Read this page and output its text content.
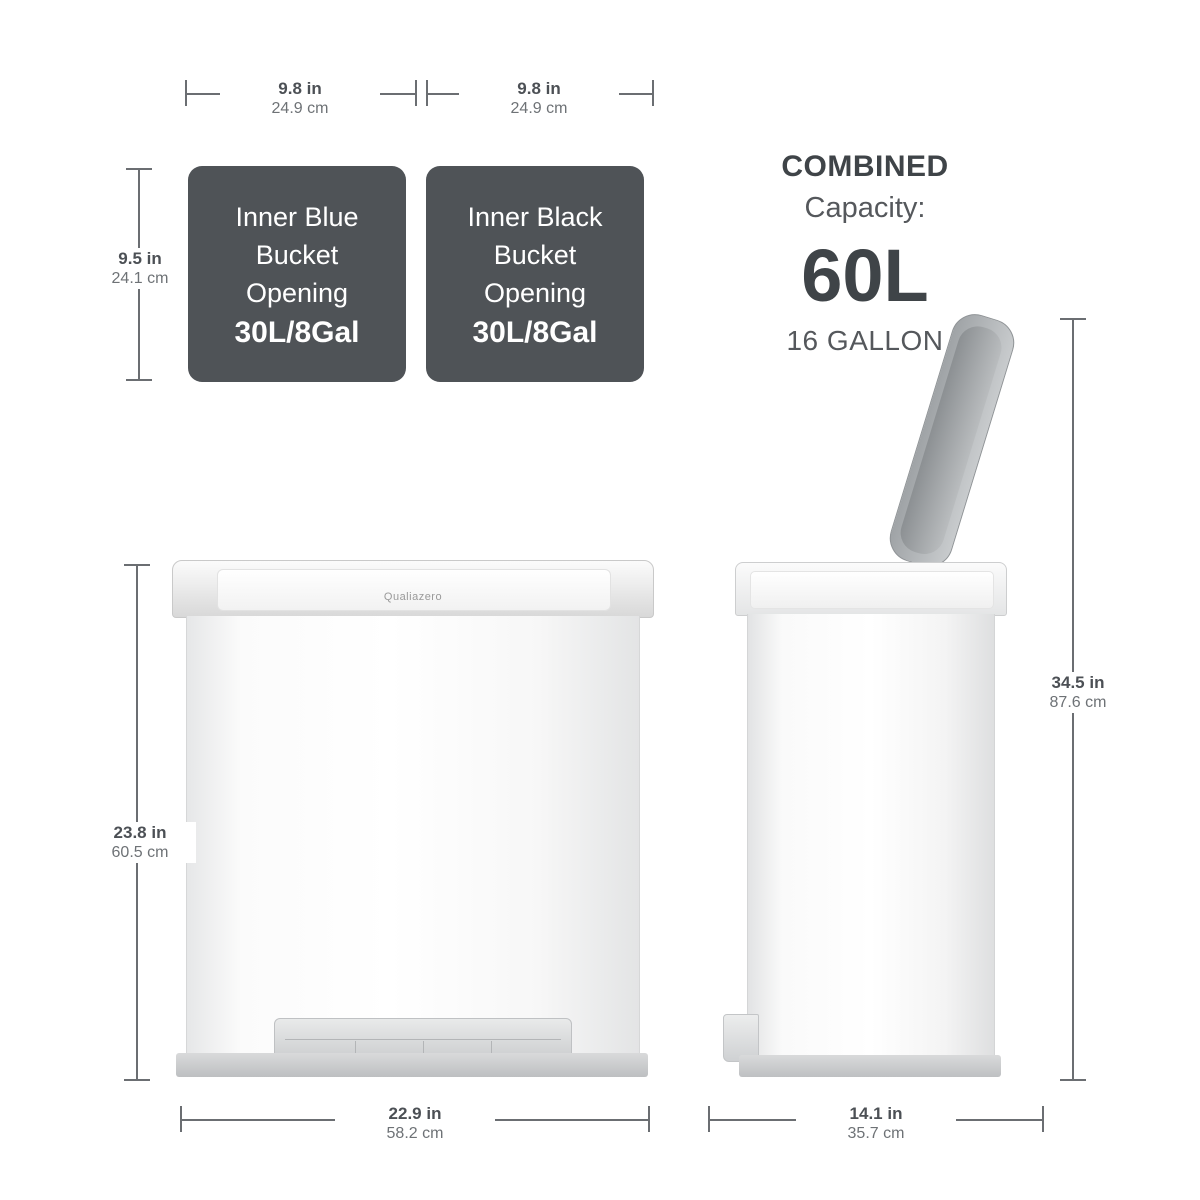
9.8 in
24.9 cm
9.8 in
24.9 cm
9.5 in
24.1 cm
Inner Blue
Bucket
Opening
30L/8Gal
Inner Black
Bucket
Opening
30L/8Gal
COMBINED
Capacity:
60L
16 GALLON
Qualiazero
23.8 in
60.5 cm
22.9 in
58.2 cm
34.5 in
87.6 cm
14.1 in
35.7 cm
